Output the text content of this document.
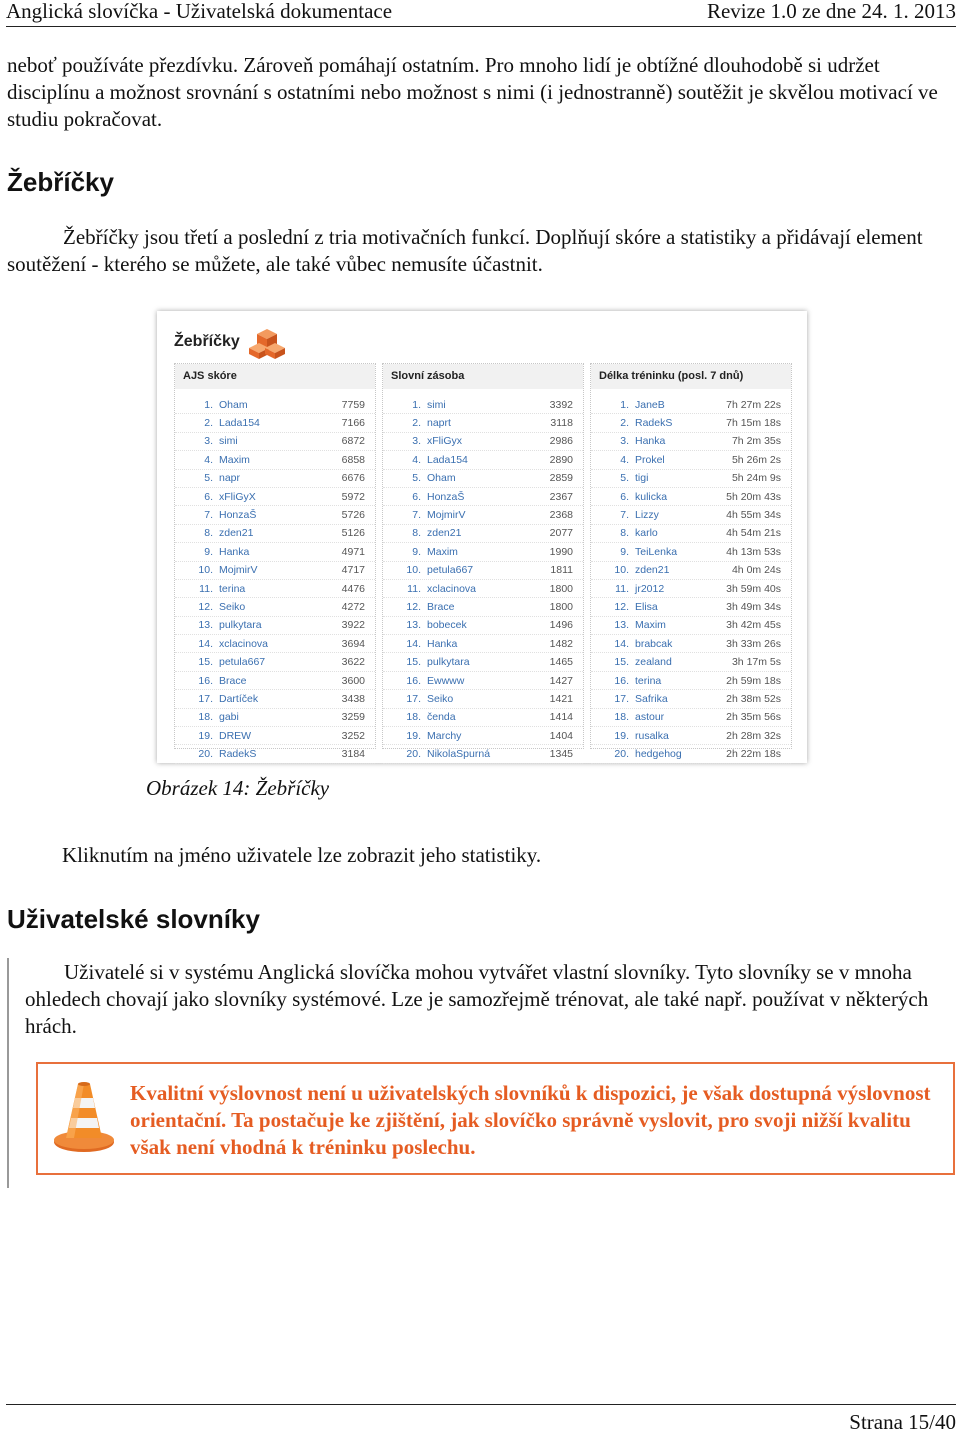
Anglická slovíčka - Uživatelská dokumentace	Revize 1.0 ze dne 24. 1. 2013
neboť používáte přezdívku. Zároveň pomáhají ostatním. Pro mnoho lidí je obtížné dlouhodobě si udržet disciplínu a možnost srovnání s ostatními nebo možnost s nimi (i jednostranně) soutěžit je skvělou motivací ve studiu pokračovat.
Žebříčky
Žebříčky jsou třetí a poslední z tria motivačních funkcí. Doplňují skóre a statistiky a přidávají element soutěžení - kterého se můžete, ale také vůbec nemusíte účastnit.
Žebříčky
AJS skóre
1. Oham	7759
2. Lada154	7166
3. simi	6872
4. Maxim	6858
5. napr	6676
6. xFliGyX	5972
7. HonzaŠ	5726
8. zden21	5126
9. Hanka	4971
10. MojmirV	4717
11. terina	4476
12. Seiko	4272
13. pulkytara	3922
14. xclacinova	3694
15. petula667	3622
16. Brace	3600
17. Dartíček	3438
18. gabi	3259
19. DREW	3252
20. RadekS	3184
Slovní zásoba
1. simi	3392
2. naprt	3118
3. xFliGyx	2986
4. Lada154	2890
5. Oham	2859
6. HonzaŠ	2367
7. MojmirV	2368
8. zden21	2077
9. Maxim	1990
10. petula667	1811
11. xclacinova	1800
12. Brace	1800
13. bobecek	1496
14. Hanka	1482
15. pulkytara	1465
16. Ewwww	1427
17. Seiko	1421
18. čenda	1414
19. Marchy	1404
20. NikolaSpurná	1345
Délka tréninku (posl. 7 dnů)
1. JaneB	7h 27m 22s
2. RadekS	7h 15m 18s
3. Hanka	7h 2m 35s
4. Prokel	5h 26m 2s
5. tigi	5h 24m 9s
6. kulicka	5h 20m 43s
7. Lizzy	4h 55m 34s
8. karlo	4h 54m 21s
9. TeiLenka	4h 13m 53s
10. zden21	4h 0m 24s
11. jr2012	3h 59m 40s
12. Elisa	3h 49m 34s
13. Maxim	3h 42m 45s
14. brabcak	3h 33m 26s
15. zealand	3h 17m 5s
16. terina	2h 59m 18s
17. Safrika	2h 38m 52s
18. astour	2h 35m 56s
19. rusalka	2h 28m 32s
20. hedgehog	2h 22m 18s
Obrázek 14: Žebříčky
Kliknutím na jméno uživatele lze zobrazit jeho statistiky.
Uživatelské slovníky
Uživatelé si v systému Anglická slovíčka mohou vytvářet vlastní slovníky. Tyto slovníky se v mnoha ohledech chovají jako slovníky systémové. Lze je samozřejmě trénovat, ale také např. používat v některých hrách.
Kvalitní výslovnost není u uživatelských slovníků k dispozici, je však dostupná výslovnost orientační. Ta postačuje ke zjištění, jak slovíčko správně vyslovit, pro svoji nižší kvalitu však není vhodná k tréninku poslechu.
Strana 15/40
